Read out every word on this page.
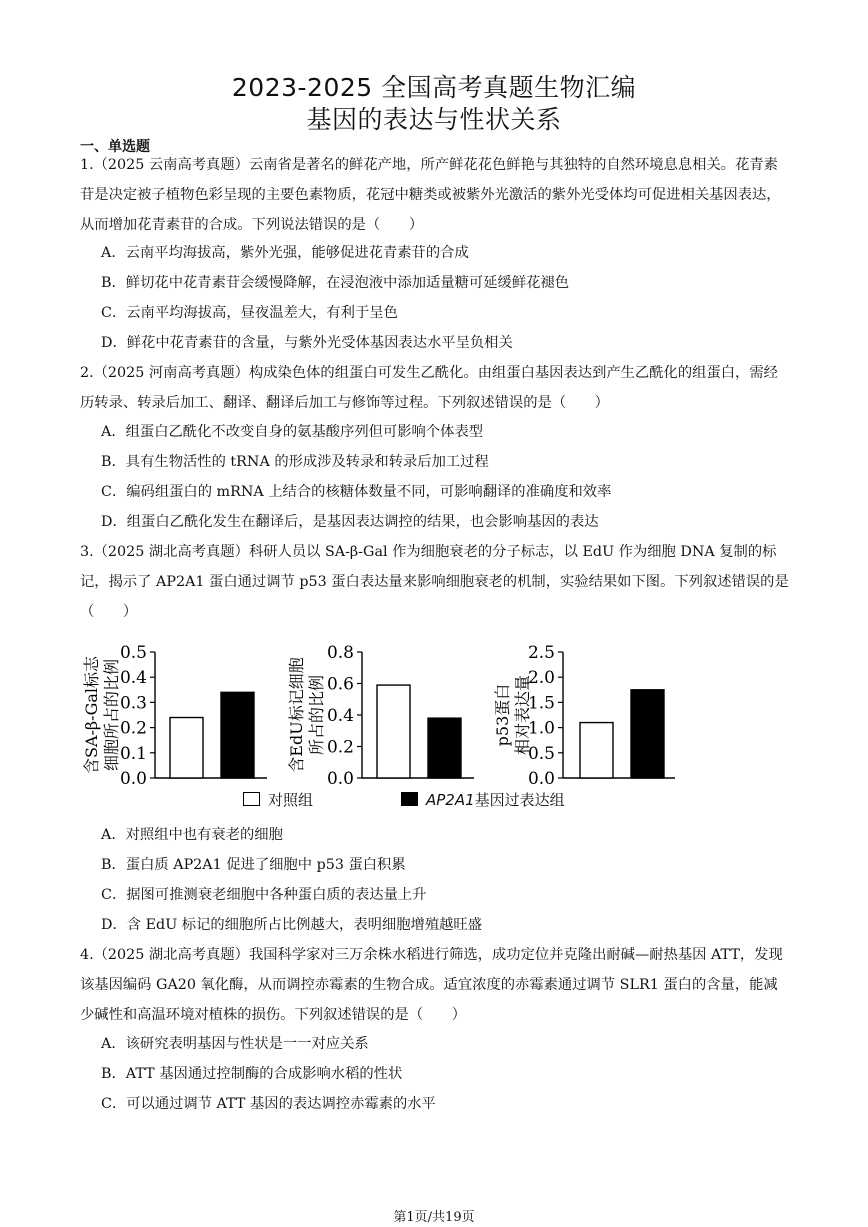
2023-2025 全国高考真题生物汇编
基因的表达与性状关系
一、单选题
1.（2025 云南高考真题）云南省是著名的鲜花产地，所产鲜花花色鲜艳与其独特的自然环境息息相关。花青素苷是决定被子植物色彩呈现的主要色素物质，花冠中糖类或被紫外光激活的紫外光受体均可促进相关基因表达，从而增加花青素苷的合成。下列说法错误的是（　　）
A．云南平均海拔高，紫外光强，能够促进花青素苷的合成
B．鲜切花中花青素苷会缓慢降解，在浸泡液中添加适量糖可延缓鲜花褪色
C．云南平均海拔高，昼夜温差大，有利于呈色
D．鲜花中花青素苷的含量，与紫外光受体基因表达水平呈负相关
2.（2025 河南高考真题）构成染色体的组蛋白可发生乙酰化。由组蛋白基因表达到产生乙酰化的组蛋白，需经历转录、转录后加工、翻译、翻译后加工与修饰等过程。下列叙述错误的是（　　）
A．组蛋白乙酰化不改变自身的氨基酸序列但可影响个体表型
B．具有生物活性的 tRNA 的形成涉及转录和转录后加工过程
C．编码组蛋白的 mRNA 上结合的核糖体数量不同，可影响翻译的准确度和效率
D．组蛋白乙酰化发生在翻译后，是基因表达调控的结果，也会影响基因的表达
3.（2025 湖北高考真题）科研人员以 SA-β-Gal 作为细胞衰老的分子标志，以 EdU 作为细胞 DNA 复制的标记，揭示了 AP2A1 蛋白通过调节 p53 蛋白表达量来影响细胞衰老的机制，实验结果如下图。下列叙述错误的是（　　）
0.0
0.1
0.2
0.3
0.4
0.5
含SA-β-Gal标志 细胞所占的比例
0.0
0.2
0.4
0.6
0.8
含EdU标记细胞 所占的比例
0.0
0.5
1.0
1.5
2.0
2.5
p53蛋白 相对表达量
对照组	AP2A1基因过表达组
A．对照组中也有衰老的细胞
B．蛋白质 AP2A1 促进了细胞中 p53 蛋白积累
C．据图可推测衰老细胞中各种蛋白质的表达量上升
D．含 EdU 标记的细胞所占比例越大，表明细胞增殖越旺盛
4.（2025 湖北高考真题）我国科学家对三万余株水稻进行筛选，成功定位并克隆出耐碱—耐热基因 ATT，发现该基因编码 GA20 氧化酶，从而调控赤霉素的生物合成。适宜浓度的赤霉素通过调节 SLR1 蛋白的含量，能减少碱性和高温环境对植株的损伤。下列叙述错误的是（　　）
A．该研究表明基因与性状是一一对应关系
B．ATT 基因通过控制酶的合成影响水稻的性状
C．可以通过调节 ATT 基因的表达调控赤霉素的水平
第1页/共19页
